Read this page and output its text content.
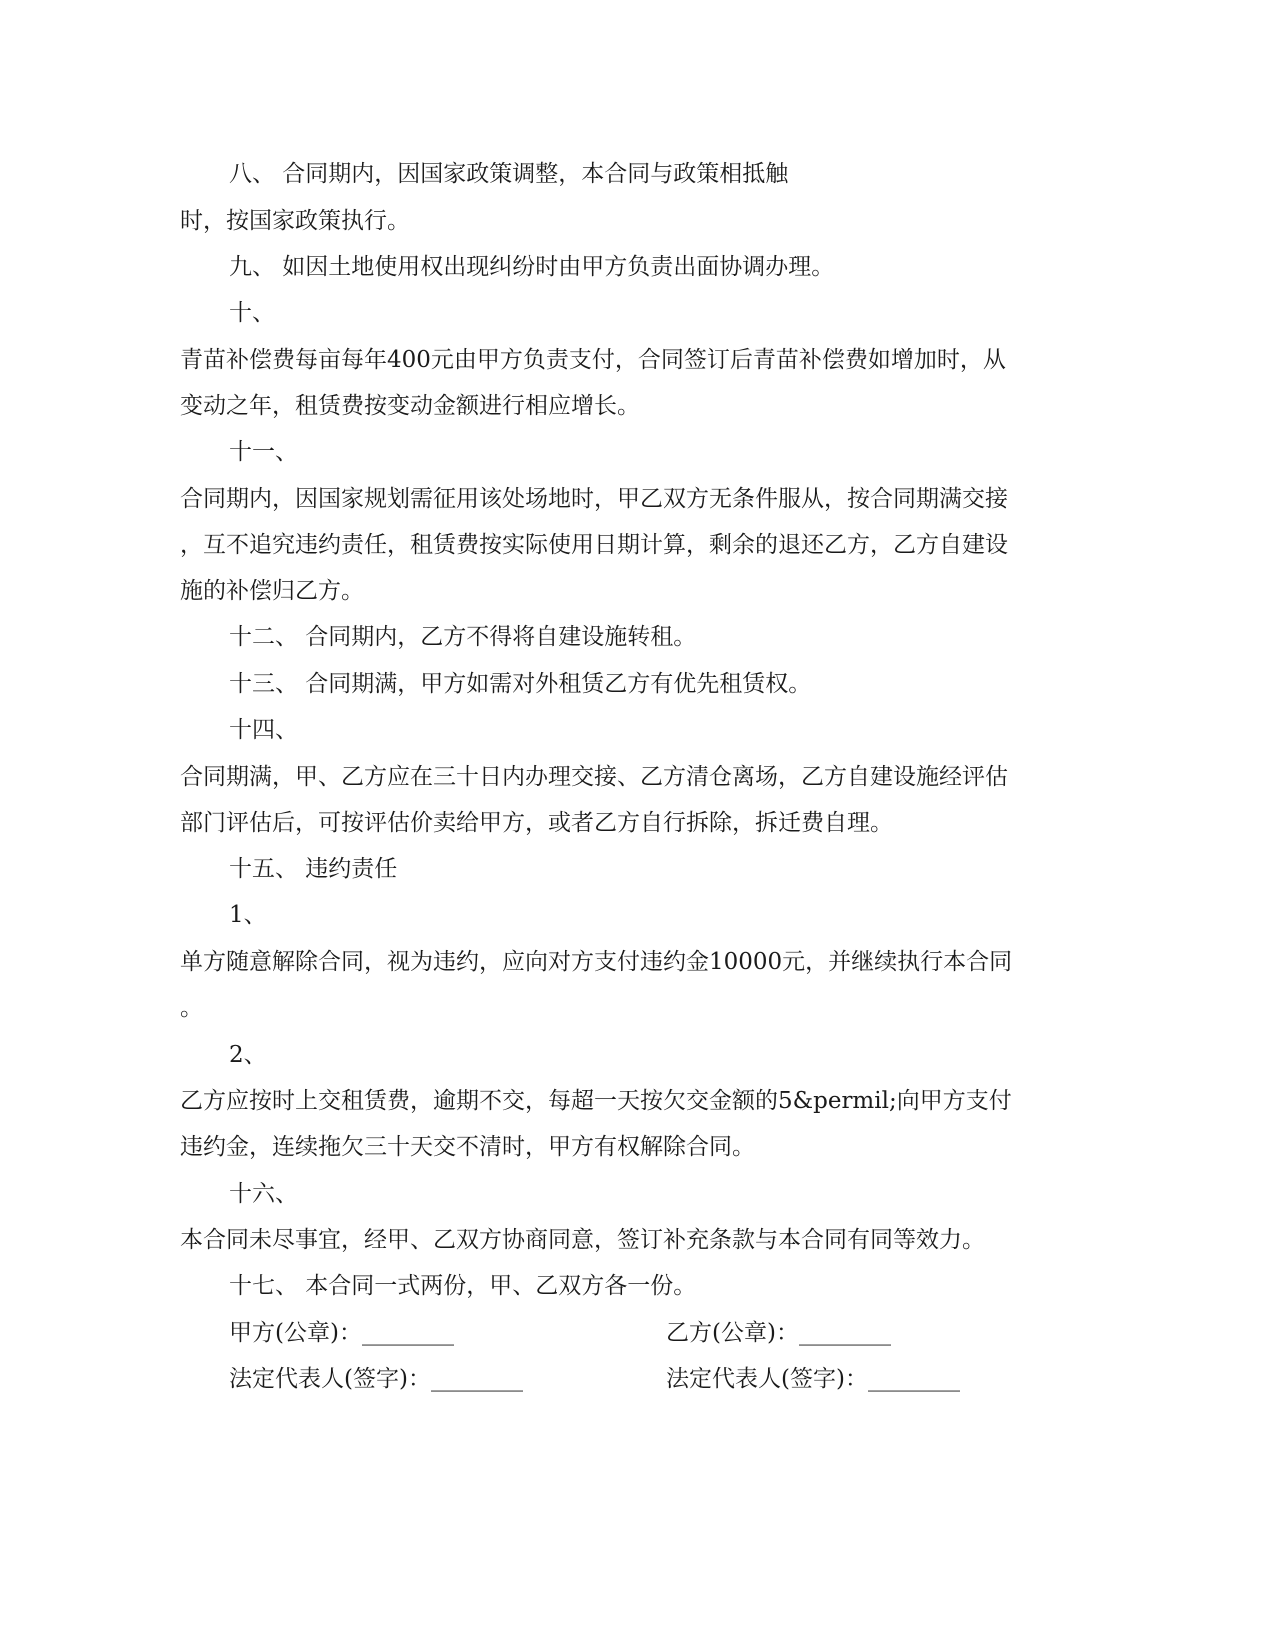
八、 合同期内，因国家政策调整，本合同与政策相抵触
时，按国家政策执行。
九、 如因土地使用权出现纠纷时由甲方负责出面协调办理。
十、
青苗补偿费每亩每年400元由甲方负责支付，合同签订后青苗补偿费如增加时，从
变动之年，租赁费按变动金额进行相应增长。
十一、
合同期内，因国家规划需征用该处场地时，甲乙双方无条件服从，按合同期满交接
，互不追究违约责任，租赁费按实际使用日期计算，剩余的退还乙方，乙方自建设
施的补偿归乙方。
十二、 合同期内，乙方不得将自建设施转租。
十三、 合同期满，甲方如需对外租赁乙方有优先租赁权。
十四、
合同期满，甲、乙方应在三十日内办理交接、乙方清仓离场，乙方自建设施经评估
部门评估后，可按评估价卖给甲方，或者乙方自行拆除，拆迁费自理。
十五、 违约责任
1、
单方随意解除合同，视为违约，应向对方支付违约金10000元，并继续执行本合同
。
2、
乙方应按时上交租赁费，逾期不交，每超一天按欠交金额的5&permil;向甲方支付
违约金，连续拖欠三十天交不清时，甲方有权解除合同。
十六、
本合同未尽事宜，经甲、乙双方协商同意，签订补充条款与本合同有同等效力。
十七、 本合同一式两份，甲、乙双方各一份。
甲方(公章)：________	乙方(公章)：________
法定代表人(签字)：________	法定代表人(签字)：________
